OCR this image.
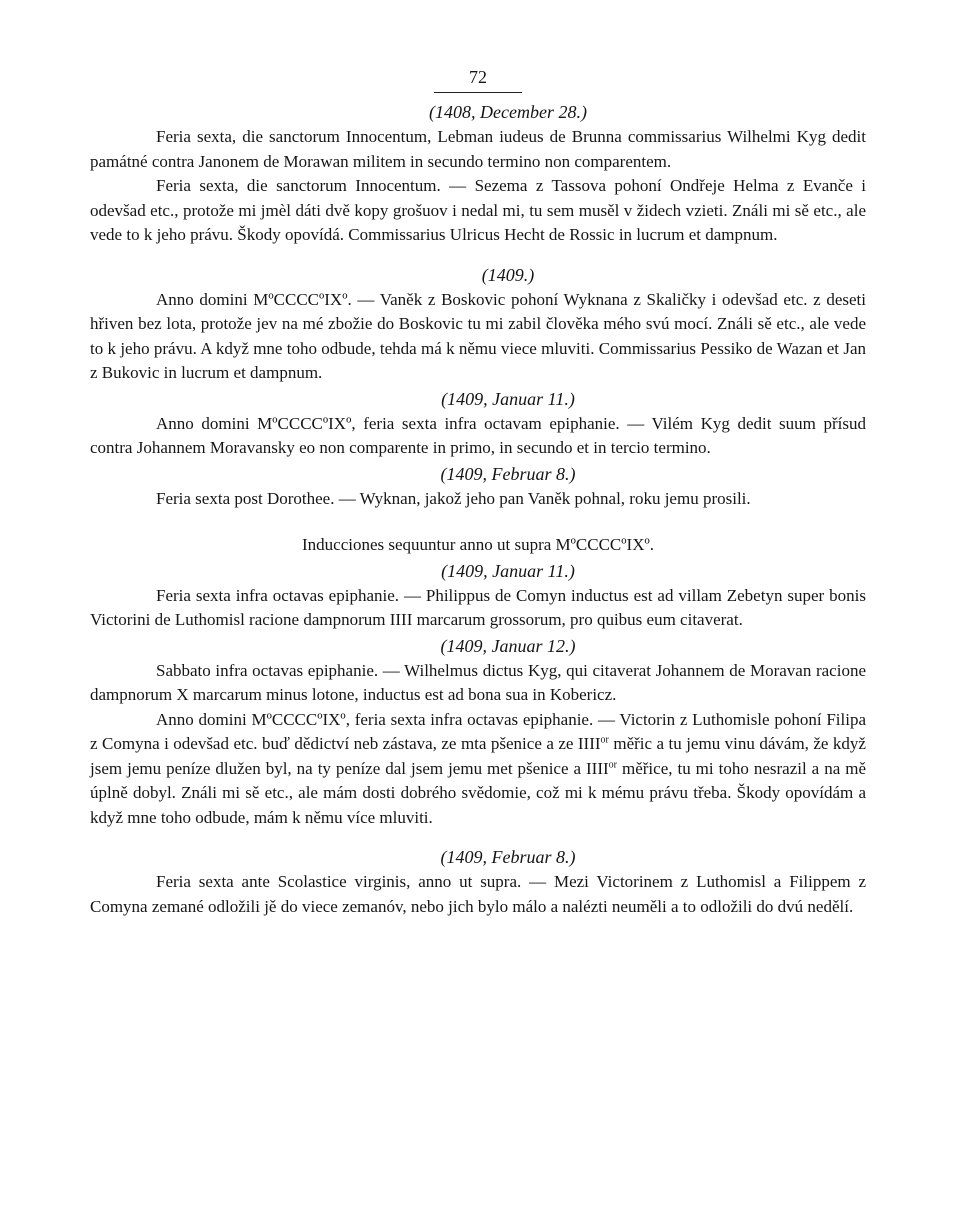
72
(1408, December 28.)

Feria sexta, die sanctorum Innocentum, Lebman iudeus de Brunna commissarius Wilhelmi Kyg dedit památné contra Janonem de Morawan militem in secundo termino non comparentem.

Feria sexta, die sanctorum Innocentum. — Sezema z Tassova pohoní Ondřeje Helma z Evanče i odevšad etc., protože mi jmèl dáti dvě kopy grošuov i nedal mi, tu sem musěl v židech vzieti. Ználi mi sě etc., ale vede to k jeho právu. Škody opovídá. Commissarius Ulricus Hecht de Rossic in lucrum et dampnum.

(1409.)

Anno domini MºCCCCºIXº. — Vaněk z Boskovic pohoní Wyknana z Skaličky i odevšad etc. z deseti hřiven bez lota, protože jev na mé zbožie do Boskovic tu mi zabil člověka mého svú mocí. Ználi sě etc., ale vede to k jeho právu. A když mne toho odbude, tehda má k němu viece mluviti. Commissarius Pessiko de Wazan et Jan z Bukovic in lucrum et dampnum.

(1409, Januar 11.)

Anno domini MºCCCCºIXº, feria sexta infra octavam epiphanie. — Vilém Kyg dedit suum přísud contra Johannem Moravansky eo non comparente in primo, in secundo et in tercio termino.

(1409, Februar 8.)

Feria sexta post Dorothee. — Wyknan, jakož jeho pan Vaněk pohnal, roku jemu prosili.

Inducciones sequuntur anno ut supra MºCCCCºIXº.

(1409, Januar 11.)

Feria sexta infra octavas epiphanie. — Philippus de Comyn inductus est ad villam Zebetyn super bonis Victorini de Luthomisl racione dampnorum IIII marcarum grossorum, pro quibus eum citaverat.

(1409, Januar 12.)

Sabbato infra octavas epiphanie. — Wilhelmus dictus Kyg, qui citaverat Johannem de Moravan racione dampnorum X marcarum minus lotone, inductus est ad bona sua in Kobericz.

Anno domini MºCCCCºIXº, feria sexta infra octavas epiphanie. — Victorin z Luthomisle pohoní Filipa z Comyna i odevšad etc. buď dědictví neb zástava, ze mta pšenice a ze $IIII^{or}$ měřic a tu jemu vinu dávám, že když jsem jemu peníze dlužen byl, na ty peníze dal jsem jemu met pšenice a $IIII^{or}$ měřice, tu mi toho nesrazil a na mě úplně dobyl. Ználi mi sě etc., ale mám dosti dobrého svědomie, což mi k mému právu třeba. Škody opovídám a když mne toho odbude, mám k němu více mluviti.

(1409, Februar 8.)

Feria sexta ante Scolastice virginis, anno ut supra. — Mezi Victorinem z Luthomisl a Filippem z Comyna zemané odložili jě do viece zemanóv, nebo jich bylo málo a nalézti neuměli a to odložili do dvú nedělí.
